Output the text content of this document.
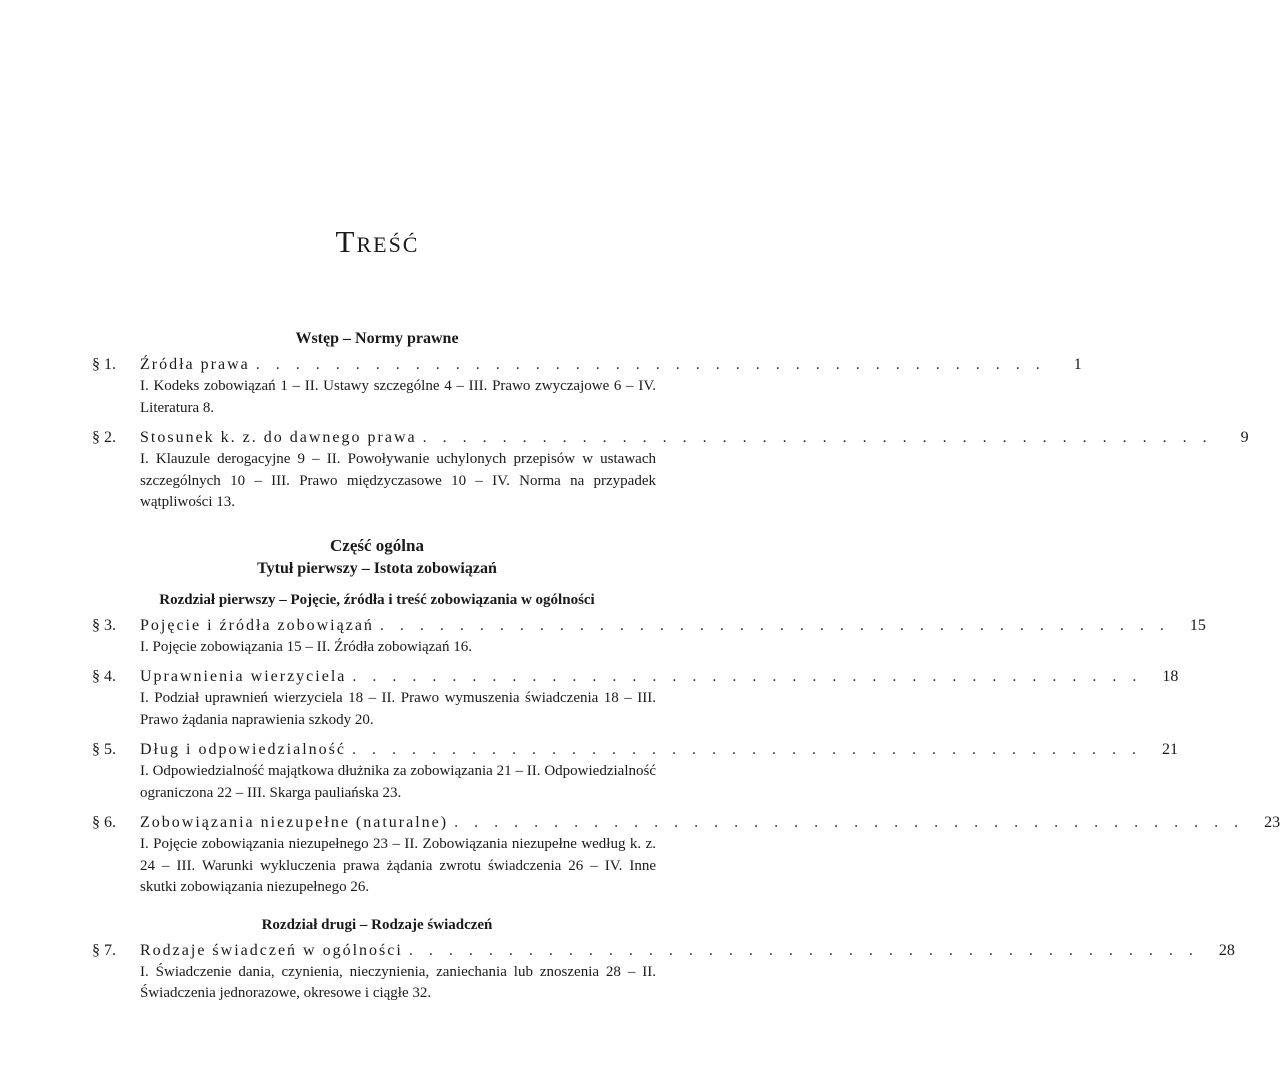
Treść
Wstęp – Normy prawne
§ 1.	Źródła prawa . . . . . . . . . . . . . . . . . . . . . . . . . . . . . . . . . . . . . . . .	1
I. Kodeks zobowiązań 1 – II. Ustawy szczególne 4 – III. Prawo zwyczajowe 6 – IV. Literatura 8.
§ 2.	Stosunek k. z. do dawnego prawa . . . . . . . . . . . . . . . . . . . . . . . . . . . . . . . . . . . . . . . .	9
I. Klauzule derogacyjne 9 – II. Powoływanie uchylonych przepisów w ustawach szczególnych 10 – III. Prawo międzyczasowe 10 – IV. Norma na przypadek wątpliwości 13.
Część ogólna
Tytuł pierwszy – Istota zobowiązań
Rozdział pierwszy – Pojęcie, źródła i treść zobowiązania w ogólności
§ 3.	Pojęcie i źródła zobowiązań . . . . . . . . . . . . . . . . . . . . . . . . . . . . . . . . . . . . . . . .	15
I. Pojęcie zobowiązania 15 – II. Źródła zobowiązań 16.
§ 4.	Uprawnienia wierzyciela . . . . . . . . . . . . . . . . . . . . . . . . . . . . . . . . . . . . . . . .	18
I. Podział uprawnień wierzyciela 18 – II. Prawo wymuszenia świadczenia 18 – III. Prawo żądania naprawienia szkody 20.
§ 5.	Dług i odpowiedzialność . . . . . . . . . . . . . . . . . . . . . . . . . . . . . . . . . . . . . . . .	21
I. Odpowiedzialność majątkowa dłużnika za zobowiązania 21 – II. Odpowiedzialność ograniczona 22 – III. Skarga pauliańska 23.
§ 6.	Zobowiązania niezupełne (naturalne) . . . . . . . . . . . . . . . . . . . . . . . . . . . . . . . . . . . . . . . .	23
I. Pojęcie zobowiązania niezupełnego 23 – II. Zobowiązania niezupełne według k. z. 24 – III. Warunki wykluczenia prawa żądania zwrotu świadczenia 26 – IV. Inne skutki zobowiązania niezupełnego 26.
Rozdział drugi – Rodzaje świadczeń
§ 7.	Rodzaje świadczeń w ogólności . . . . . . . . . . . . . . . . . . . . . . . . . . . . . . . . . . . . . . . .	28
I. Świadczenie dania, czynienia, nieczynienia, zaniechania lub znoszenia 28 – II. Świadczenia jednorazowe, okresowe i ciągłe 32.
